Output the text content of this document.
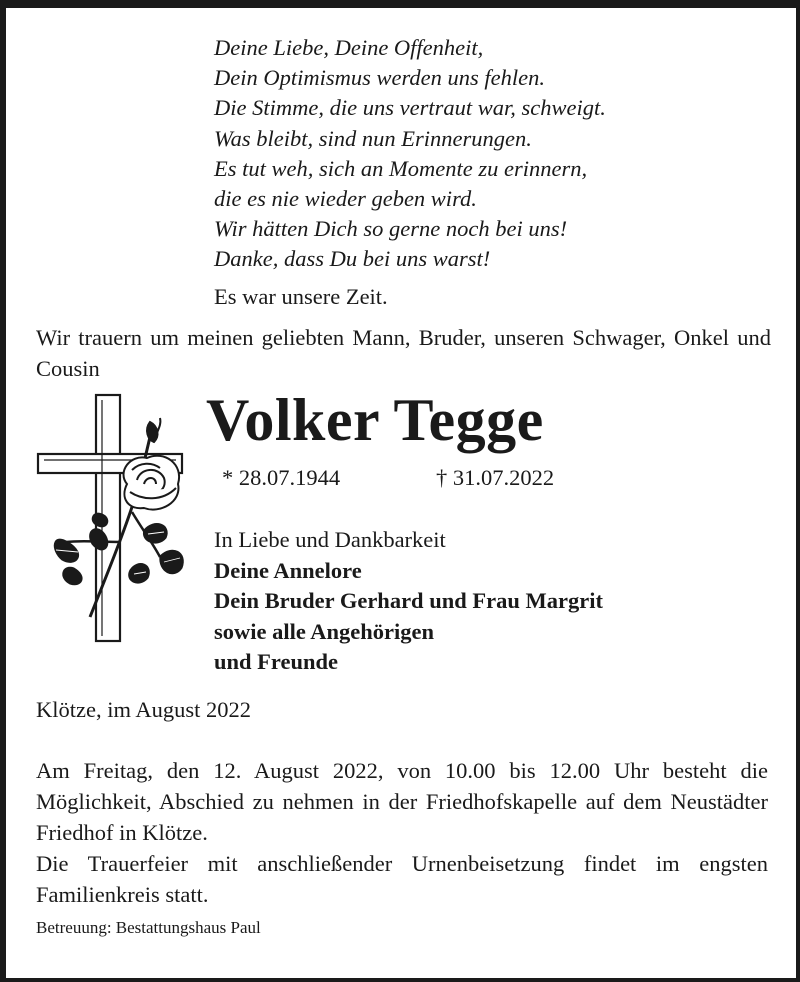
Deine Liebe, Deine Offenheit,
Dein Optimismus werden uns fehlen.
Die Stimme, die uns vertraut war, schweigt.
Was bleibt, sind nun Erinnerungen.
Es tut weh, sich an Momente zu erinnern,
die es nie wieder geben wird.
Wir hätten Dich so gerne noch bei uns!
Danke, dass Du bei uns warst!
Es war unsere Zeit.
Wir trauern um meinen geliebten Mann, Bruder, unseren Schwager, Onkel und Cousin
Volker Tegge
* 28.07.1944	† 31.07.2022
In Liebe und Dankbarkeit
Deine Annelore
Dein Bruder Gerhard und Frau Margrit
sowie alle Angehörigen
und Freunde
Klötze, im August 2022

Am Freitag, den 12. August 2022, von 10.00 bis 12.00 Uhr besteht die Möglichkeit, Abschied zu nehmen in der Friedhofskapelle auf dem Neustädter Friedhof in Klötze.

Die Trauerfeier mit anschließender Urnenbeisetzung findet im engsten Familienkreis statt.

Betreuung: Bestattungshaus Paul
